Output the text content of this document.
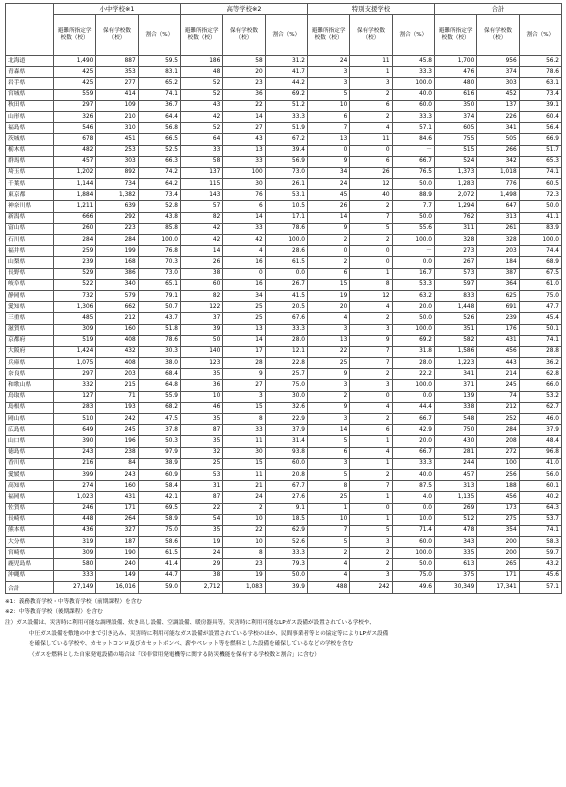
	小中学校※1			高等学校※2			特別支援学校			合計		
	避難所指定学校数（校）	保有学校数（校）	割合（%）	避難所指定学校数（校）	保有学校数（校）	割合（%）	避難所指定学校数（校）	保有学校数（校）	割合（%）	避難所指定学校数（校）	保有学校数（校）	割合（%）
北海道	1,490	887	59.5	186	58	31.2	24	11	45.8	1,700	956	56.2
青森県	425	353	83.1	48	20	41.7	3	1	33.3	476	374	78.6
岩手県	425	277	65.2	52	23	44.2	3	3	100.0	480	303	63.1
宮城県	559	414	74.1	52	36	69.2	5	2	40.0	616	452	73.4
秋田県	297	109	36.7	43	22	51.2	10	6	60.0	350	137	39.1
山形県	326	210	64.4	42	14	33.3	6	2	33.3	374	226	60.4
福島県	546	310	56.8	52	27	51.9	7	4	57.1	605	341	56.4
茨城県	678	451	66.5	64	43	67.2	13	11	84.6	755	505	66.9
栃木県	482	253	52.5	33	13	39.4	0	0	－	515	266	51.7
群馬県	457	303	66.3	58	33	56.9	9	6	66.7	524	342	65.3
埼玉県	1,202	892	74.2	137	100	73.0	34	26	76.5	1,373	1,018	74.1
千葉県	1,144	734	64.2	115	30	26.1	24	12	50.0	1,283	776	60.5
東京都	1,884	1,382	73.4	143	76	53.1	45	40	88.9	2,072	1,498	72.3
神奈川県	1,211	639	52.8	57	6	10.5	26	2	7.7	1,294	647	50.0
新潟県	666	292	43.8	82	14	17.1	14	7	50.0	762	313	41.1
富山県	260	223	85.8	42	33	78.6	9	5	55.6	311	261	83.9
石川県	284	284	100.0	42	42	100.0	2	2	100.0	328	328	100.0
福井県	259	199	76.8	14	4	28.6	0	0	－	273	203	74.4
山梨県	239	168	70.3	26	16	61.5	2	0	0.0	267	184	68.9
長野県	529	386	73.0	38	0	0.0	6	1	16.7	573	387	67.5
岐阜県	522	340	65.1	60	16	26.7	15	8	53.3	597	364	61.0
静岡県	732	579	79.1	82	34	41.5	19	12	63.2	833	625	75.0
愛知県	1,306	662	50.7	122	25	20.5	20	4	20.0	1,448	691	47.7
三重県	485	212	43.7	37	25	67.6	4	2	50.0	526	239	45.4
滋賀県	309	160	51.8	39	13	33.3	3	3	100.0	351	176	50.1
京都府	519	408	78.6	50	14	28.0	13	9	69.2	582	431	74.1
大阪府	1,424	432	30.3	140	17	12.1	22	7	31.8	1,586	456	28.8
兵庫県	1,075	408	38.0	123	28	22.8	25	7	28.0	1,223	443	36.2
奈良県	297	203	68.4	35	9	25.7	9	2	22.2	341	214	62.8
和歌山県	332	215	64.8	36	27	75.0	3	3	100.0	371	245	66.0
鳥取県	127	71	55.9	10	3	30.0	2	0	0.0	139	74	53.2
島根県	283	193	68.2	46	15	32.6	9	4	44.4	338	212	62.7
岡山県	510	242	47.5	35	8	22.9	3	2	66.7	548	252	46.0
広島県	649	245	37.8	87	33	37.9	14	6	42.9	750	284	37.9
山口県	390	196	50.3	35	11	31.4	5	1	20.0	430	208	48.4
徳島県	243	238	97.9	32	30	93.8	6	4	66.7	281	272	96.8
香川県	216	84	38.9	25	15	60.0	3	1	33.3	244	100	41.0
愛媛県	399	243	60.9	53	11	20.8	5	2	40.0	457	256	56.0
高知県	274	160	58.4	31	21	67.7	8	7	87.5	313	188	60.1
福岡県	1,023	431	42.1	87	24	27.6	25	1	4.0	1,135	456	40.2
佐賀県	246	171	69.5	22	2	9.1	1	0	0.0	269	173	64.3
長崎県	448	264	58.9	54	10	18.5	10	1	10.0	512	275	53.7
熊本県	436	327	75.0	35	22	62.9	7	5	71.4	478	354	74.1
大分県	319	187	58.6	19	10	52.6	5	3	60.0	343	200	58.3
宮崎県	309	190	61.5	24	8	33.3	2	2	100.0	335	200	59.7
鹿児島県	580	240	41.4	29	23	79.3	4	2	50.0	613	265	43.2
沖縄県	333	149	44.7	38	19	50.0	4	3	75.0	375	171	45.6
合計	27,149	16,016	59.0	2,712	1,083	39.9	488	242	49.6	30,349	17,341	57.1
※1：義務教育学校・中等教育学校（前期課程）を含む
※2：中等教育学校（後期課程）を含む
注）ガス設備は、災害時に利用可能な調理設備、炊き出し設備、空調設備、暖房器具等。災害時に利用可能なLPガス設備が設置されている学校や、
中圧ガス設備を敷地の中まで引き込み、災害時に利用可能なガス設備が設置されている学校のほか、民間事業者等との協定等によりLPガス設備
を確保している学校や、カセットコンロ及びカセットボンベ、薪やペレット等を燃料とした設備を確保しているなどの学校を含む
（ガスを燃料とした自家発電設備の場合は「⑶非常用発電機等に関する防災機能を保有する学校数と割合」に含む）
